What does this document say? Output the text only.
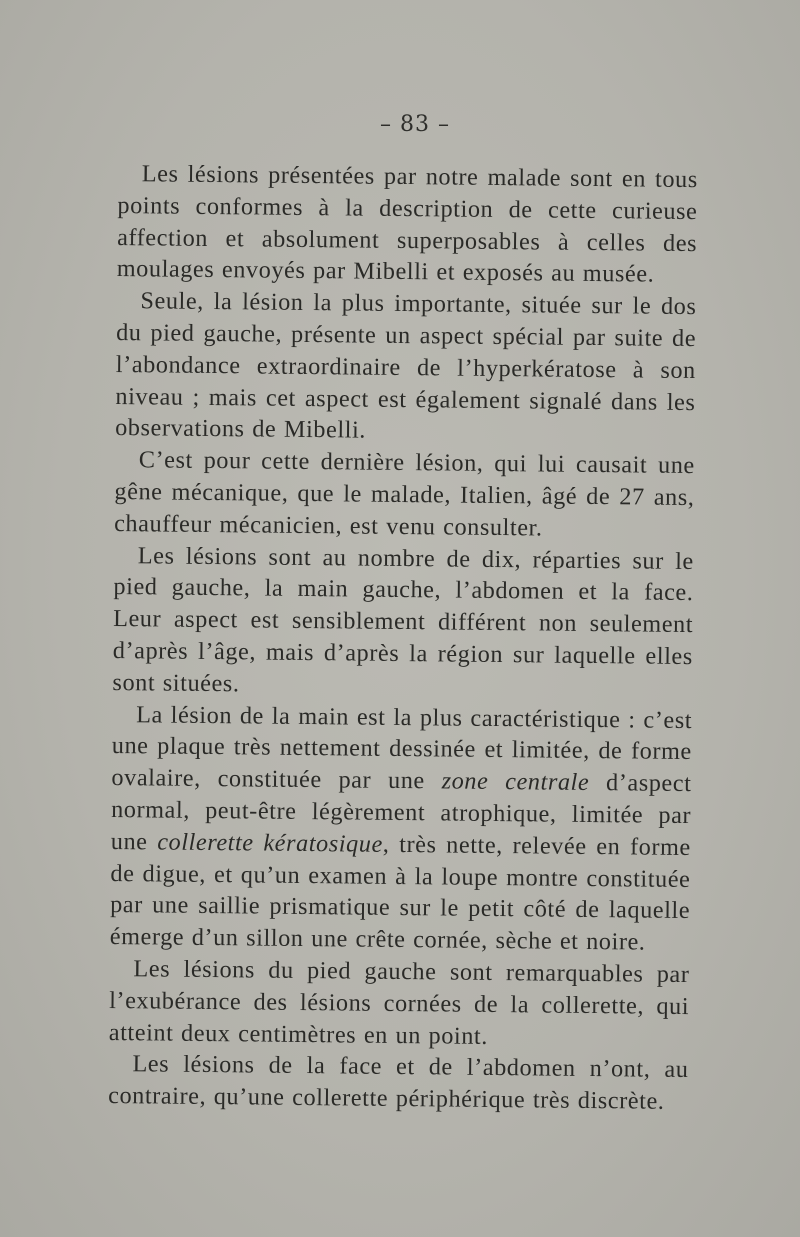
– 83 –

Les lésions présentées par notre malade sont en tous points conformes à la description de cette curieuse affection et absolument superposables à celles des moulages envoyés par Mibelli et exposés au musée.

Seule, la lésion la plus importante, située sur le dos du pied gauche, présente un aspect spécial par suite de l’abondance extraordinaire de l’hyperkératose à son niveau ; mais cet aspect est également signalé dans les observations de Mibelli.

C’est pour cette dernière lésion, qui lui causait une gêne mécanique, que le malade, Italien, âgé de 27 ans, chauffeur mécanicien, est venu consulter.

Les lésions sont au nombre de dix, réparties sur le pied gauche, la main gauche, l’abdomen et la face. Leur aspect est sensiblement différent non seulement d’après l’âge, mais d’après la région sur laquelle elles sont situées.

La lésion de la main est la plus caractéristique : c’est une plaque très nettement dessinée et limitée, de forme ovalaire, constituée par une zone centrale d’aspect normal, peut-être légèrement atrophique, limitée par une collerette kératosique, très nette, relevée en forme de digue, et qu’un examen à la loupe montre constituée par une saillie prismatique sur le petit côté de laquelle émerge d’un sillon une crête cornée, sèche et noire.

Les lésions du pied gauche sont remarquables par l’exubérance des lésions cornées de la collerette, qui atteint deux centimètres en un point.

Les lésions de la face et de l’abdomen n’ont, au contraire, qu’une collerette périphérique très discrète.
